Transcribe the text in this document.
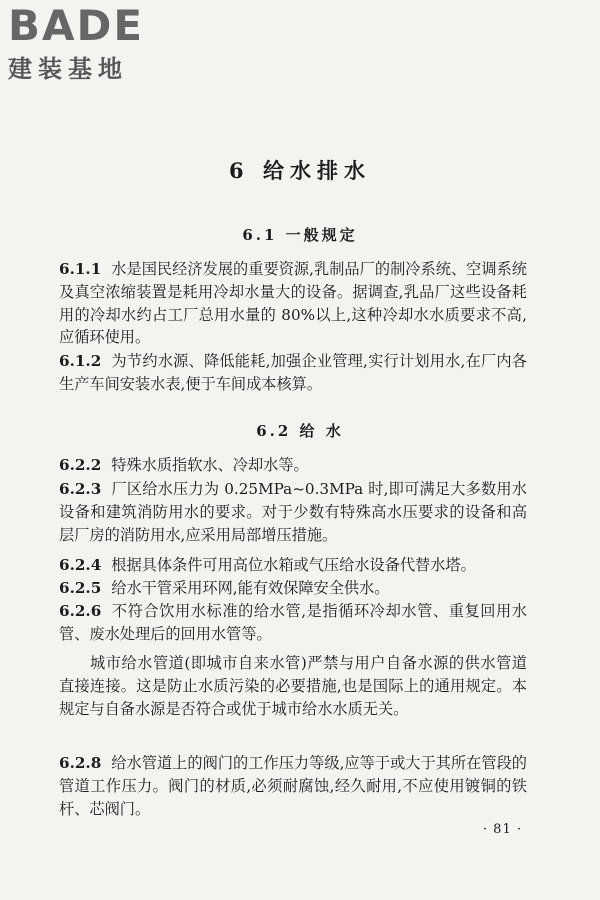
BADE
建装基地
6 给水排水
6.1 一般规定
6.1.1 水是国民经济发展的重要资源,乳制品厂的制冷系统、空调系统及真空浓缩装置是耗用冷却水量大的设备。据调查,乳品厂这些设备耗用的冷却水约占工厂总用水量的 80%以上,这种冷却水水质要求不高,应循环使用。
6.1.2 为节约水源、降低能耗,加强企业管理,实行计划用水,在厂内各生产车间安装水表,便于车间成本核算。
6.2 给 水
6.2.2 特殊水质指软水、冷却水等。
6.2.3 厂区给水压力为 0.25MPa~0.3MPa 时,即可满足大多数用水设备和建筑消防用水的要求。对于少数有特殊高水压要求的设备和高层厂房的消防用水,应采用局部增压措施。
6.2.4 根据具体条件可用高位水箱或气压给水设备代替水塔。
6.2.5 给水干管采用环网,能有效保障安全供水。
6.2.6 不符合饮用水标准的给水管,是指循环冷却水管、重复回用水管、废水处理后的回用水管等。
城市给水管道(即城市自来水管)严禁与用户自备水源的供水管道直接连接。这是防止水质污染的必要措施,也是国际上的通用规定。本规定与自备水源是否符合或优于城市给水水质无关。
6.2.8 给水管道上的阀门的工作压力等级,应等于或大于其所在管段的管道工作压力。阀门的材质,必须耐腐蚀,经久耐用,不应使用镀铜的铁杆、芯阀门。
· 81 ·
